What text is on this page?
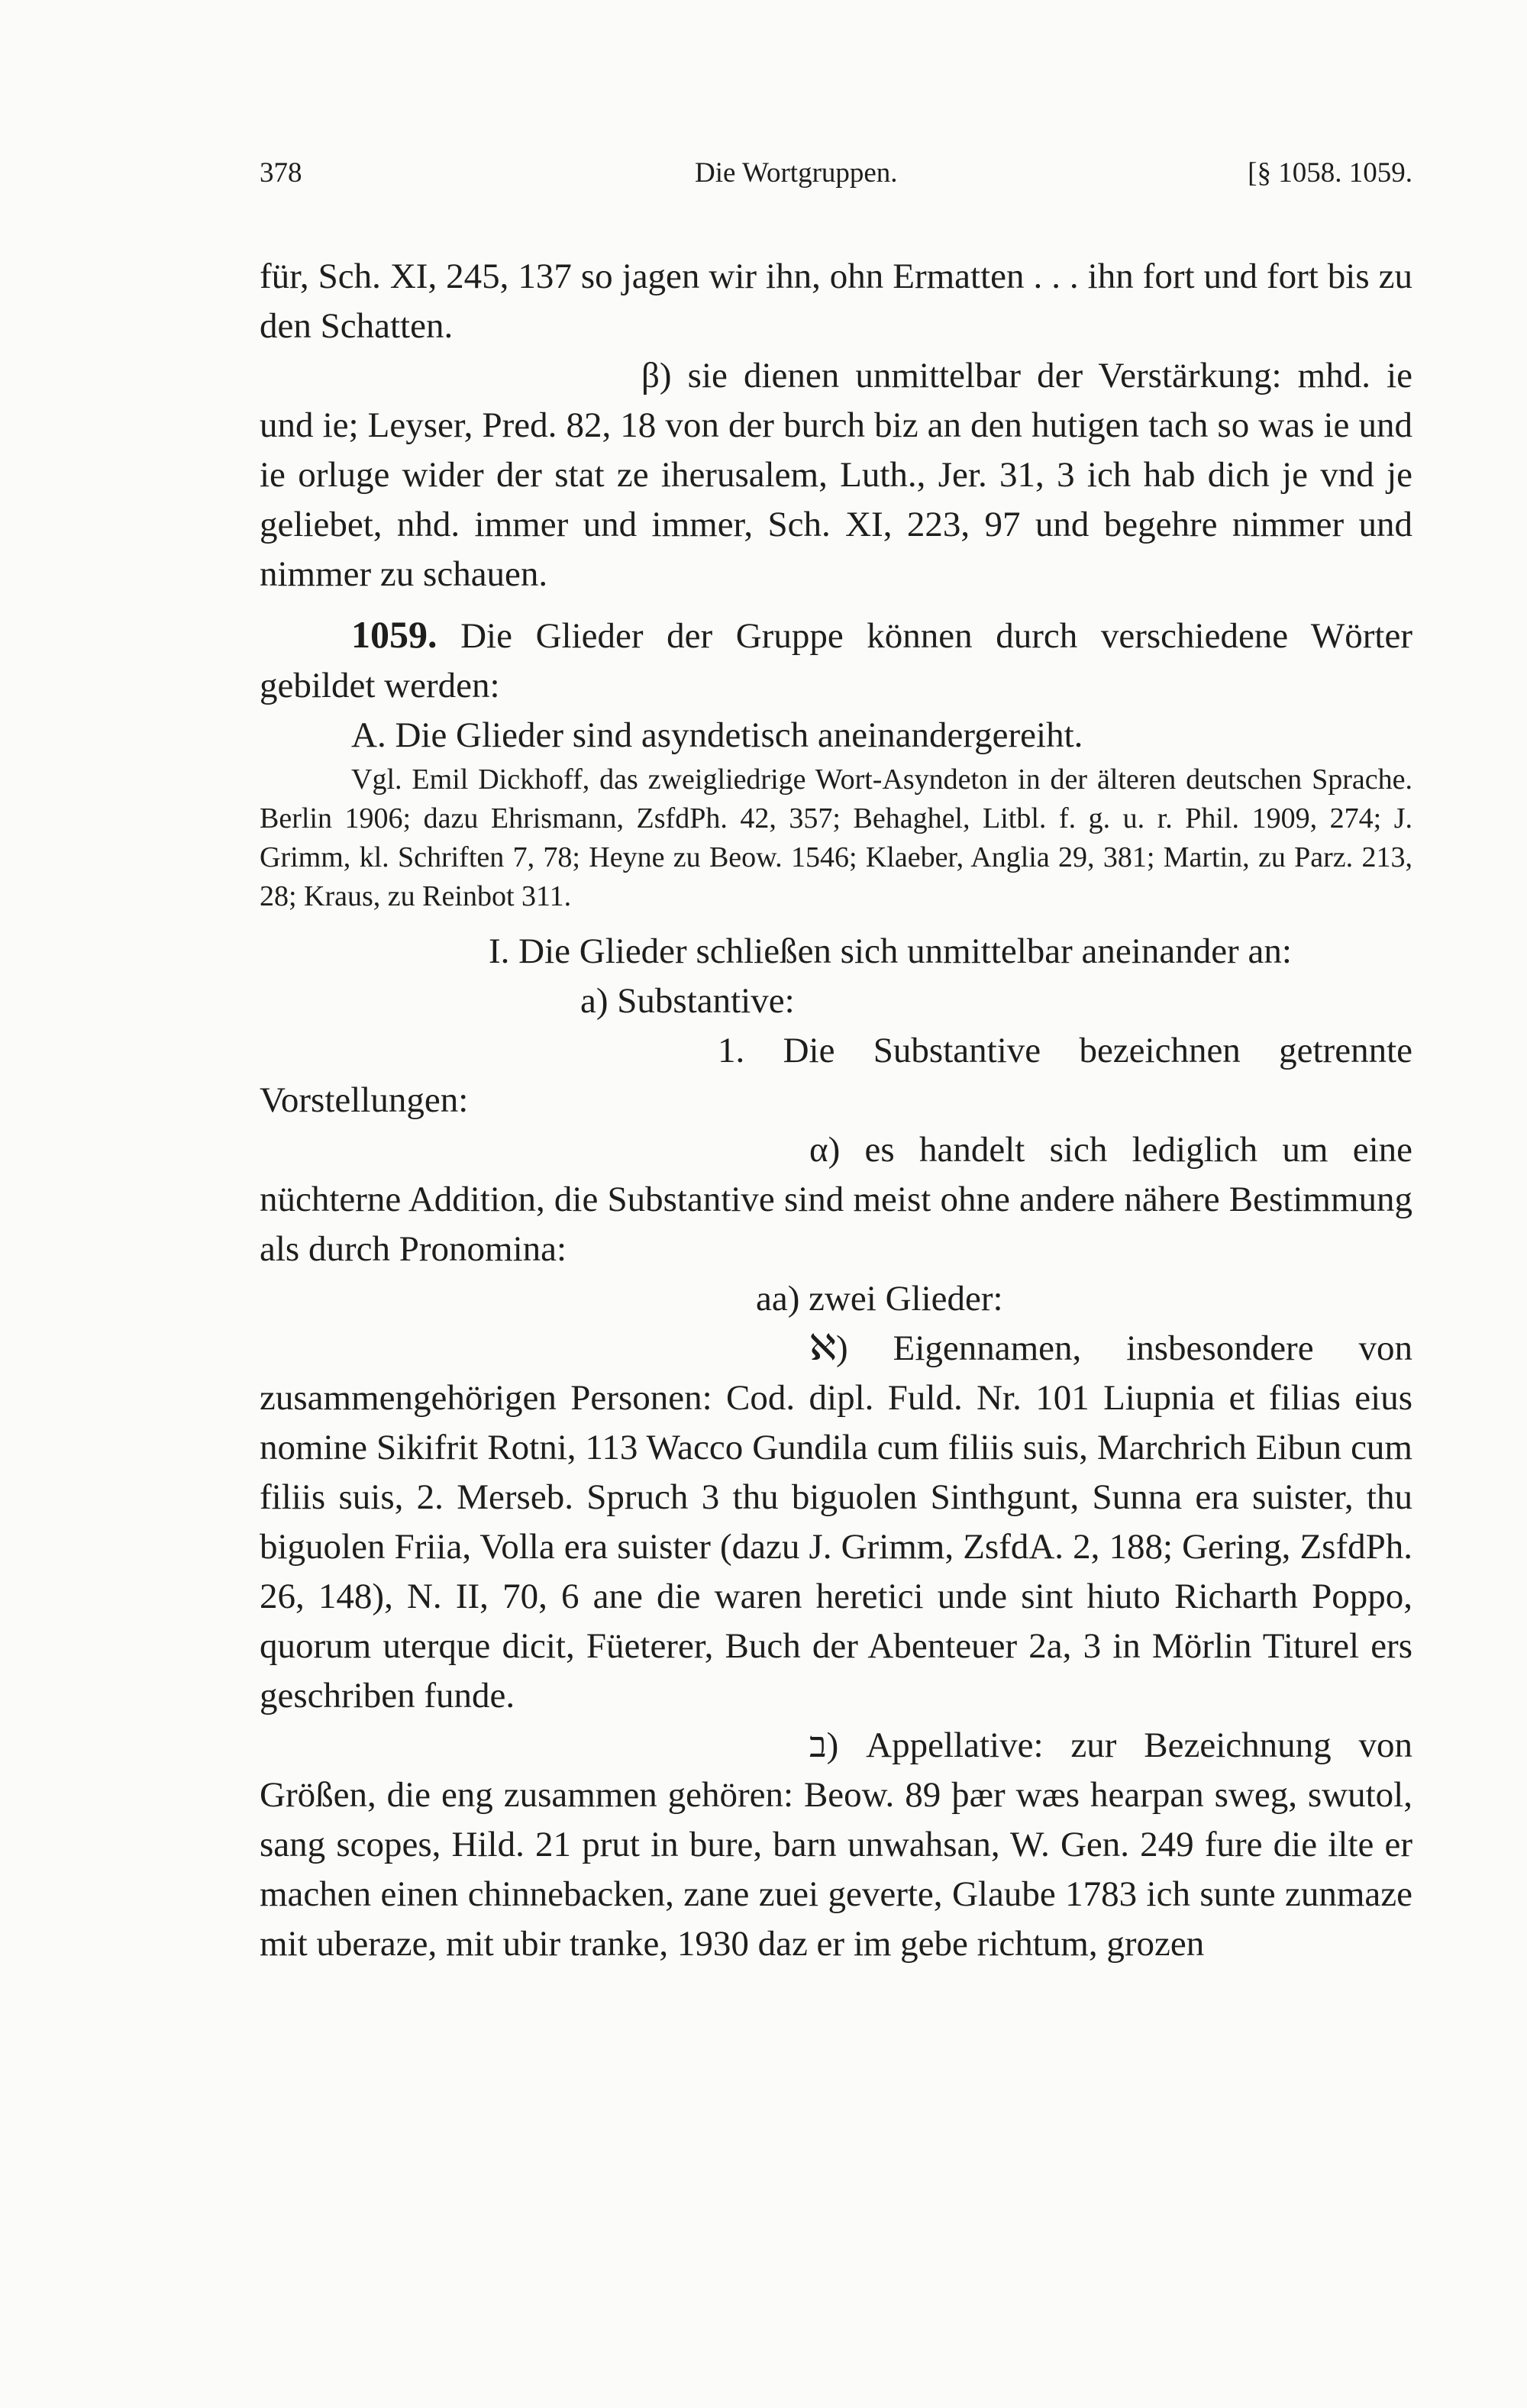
378	Die Wortgruppen.	[§ 1058. 1059.

für, Sch. XI, 245, 137 so jagen wir ihn, ohn Ermatten . . . ihn fort und fort bis zu den Schatten.

β) sie dienen unmittelbar der Verstärkung: mhd. ie und ie; Leyser, Pred. 82, 18 von der burch biz an den hutigen tach so was ie und ie orluge wider der stat ze iherusalem, Luth., Jer. 31, 3 ich hab dich je vnd je geliebet, nhd. immer und immer, Sch. XI, 223, 97 und begehre nimmer und nimmer zu schauen.

1059. Die Glieder der Gruppe können durch verschiedene Wörter gebildet werden:

A. Die Glieder sind asyndetisch aneinandergereiht.

Vgl. Emil Dickhoff, das zweigliedrige Wort-Asyndeton in der älteren deutschen Sprache. Berlin 1906; dazu Ehrismann, ZsfdPh. 42, 357; Behaghel, Litbl. f. g. u. r. Phil. 1909, 274; J. Grimm, kl. Schriften 7, 78; Heyne zu Beow. 1546; Klaeber, Anglia 29, 381; Martin, zu Parz. 213, 28; Kraus, zu Reinbot 311.

I. Die Glieder schließen sich unmittelbar aneinander an:

a) Substantive:

1. Die Substantive bezeichnen getrennte Vorstellungen:

α) es handelt sich lediglich um eine nüchterne Addition, die Substantive sind meist ohne andere nähere Bestimmung als durch Pronomina:

aa) zwei Glieder:

ℵ) Eigennamen, insbesondere von zusammengehörigen Personen: Cod. dipl. Fuld. Nr. 101 Liupnia et filias eius nomine Sikifrit Rotni, 113 Wacco Gundila cum filiis suis, Marchrich Eibun cum filiis suis, 2. Merseb. Spruch 3 thu biguolen Sinthgunt, Sunna era suister, thu biguolen Friia, Volla era suister (dazu J. Grimm, ZsfdA. 2, 188; Gering, ZsfdPh. 26, 148), N. II, 70, 6 ane die waren heretici unde sint hiuto Richarth Poppo, quorum uterque dicit, Füeterer, Buch der Abenteuer 2a, 3 in Mörlin Titurel ers geschriben funde.

ב) Appellative: zur Bezeichnung von Größen, die eng zusammen gehören: Beow. 89 þær wæs hearpan sweg, swutol, sang scopes, Hild. 21 prut in bure, barn unwahsan, W. Gen. 249 fure die ilte er machen einen chinnebacken, zane zuei geverte, Glaube 1783 ich sunte zunmaze mit uberaze, mit ubir tranke, 1930 daz er im gebe richtum, grozen
